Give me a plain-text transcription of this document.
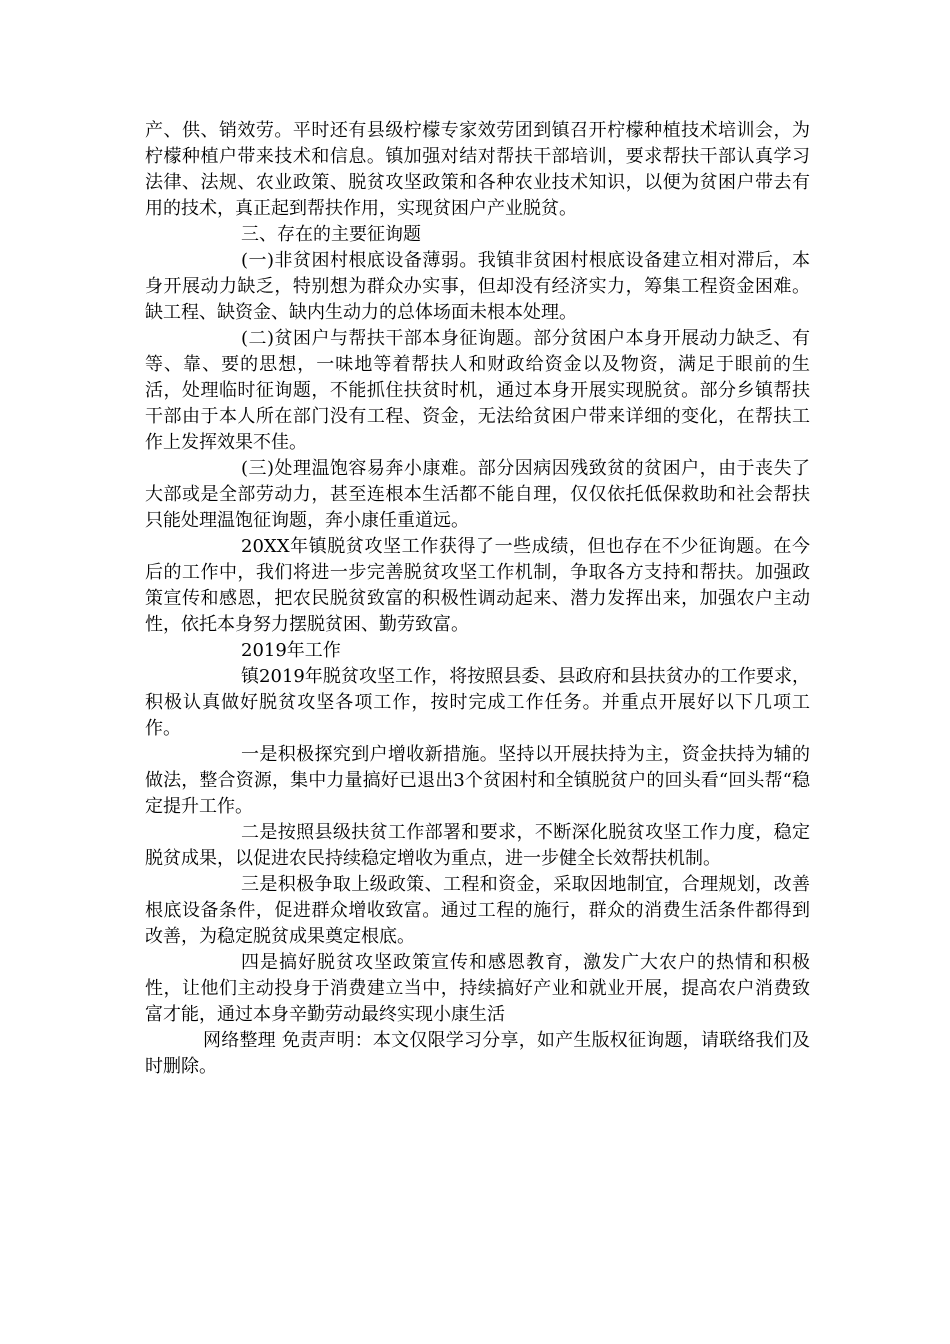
产、供、销效劳。平时还有县级柠檬专家效劳团到镇召开柠檬种植技术培训会，为柠檬种植户带来技术和信息。镇加强对结对帮扶干部培训，要求帮扶干部认真学习法律、法规、农业政策、脱贫攻坚政策和各种农业技术知识，以便为贫困户带去有用的技术，真正起到帮扶作用，实现贫困户产业脱贫。

三、存在的主要征询题

(一)非贫困村根底设备薄弱。我镇非贫困村根底设备建立相对滞后，本身开展动力缺乏，特别想为群众办实事，但却没有经济实力，筹集工程资金困难。缺工程、缺资金、缺内生动力的总体场面未根本处理。

(二)贫困户与帮扶干部本身征询题。部分贫困户本身开展动力缺乏、有等、靠、要的思想，一味地等着帮扶人和财政给资金以及物资，满足于眼前的生活，处理临时征询题，不能抓住扶贫时机，通过本身开展实现脱贫。部分乡镇帮扶干部由于本人所在部门没有工程、资金，无法给贫困户带来详细的变化，在帮扶工作上发挥效果不佳。

(三)处理温饱容易奔小康难。部分因病因残致贫的贫困户，由于丧失了大部或是全部劳动力，甚至连根本生活都不能自理，仅仅依托低保救助和社会帮扶只能处理温饱征询题，奔小康任重道远。

20XX年镇脱贫攻坚工作获得了一些成绩，但也存在不少征询题。在今后的工作中，我们将进一步完善脱贫攻坚工作机制，争取各方支持和帮扶。加强政策宣传和感恩，把农民脱贫致富的积极性调动起来、潜力发挥出来，加强农户主动性，依托本身努力摆脱贫困、勤劳致富。

2019年工作

镇2019年脱贫攻坚工作，将按照县委、县政府和县扶贫办的工作要求，积极认真做好脱贫攻坚各项工作，按时完成工作任务。并重点开展好以下几项工作。

一是积极探究到户增收新措施。坚持以开展扶持为主，资金扶持为辅的做法，整合资源，集中力量搞好已退出3个贫困村和全镇脱贫户的回头看“回头帮“稳定提升工作。

二是按照县级扶贫工作部署和要求，不断深化脱贫攻坚工作力度，稳定脱贫成果，以促进农民持续稳定增收为重点，进一步健全长效帮扶机制。

三是积极争取上级政策、工程和资金，采取因地制宜，合理规划，改善根底设备条件，促进群众增收致富。通过工程的施行，群众的消费生活条件都得到改善，为稳定脱贫成果奠定根底。

四是搞好脱贫攻坚政策宣传和感恩教育，激发广大农户的热情和积极性，让他们主动投身于消费建立当中，持续搞好产业和就业开展，提高农户消费致富才能，通过本身辛勤劳动最终实现小康生活

网络整理 免责声明：本文仅限学习分享，如产生版权征询题，请联络我们及时删除。
